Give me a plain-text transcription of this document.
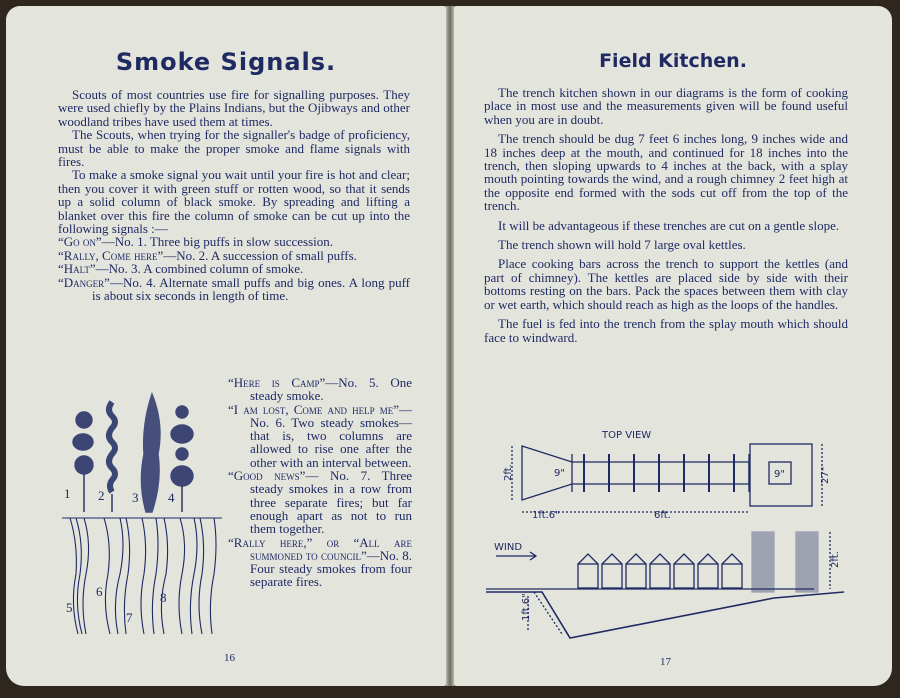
Smoke Signals.

Scouts of most countries use fire for signalling purposes. They were used chiefly by the Plains Indians, but the Ojibways and other woodland tribes have used them at times.

The Scouts, when trying for the signaller's badge of proficiency, must be able to make the proper smoke and flame signals with fires.

To make a smoke signal you wait until your fire is hot and clear; then you cover it with green stuff or rotten wood, so that it sends up a solid column of black smoke. By spreading and lifting a blanket over this fire the column of smoke can be cut up into the following signals :—

“Go on”—No. 1. Three big puffs in slow succession.

“Rally, Come here”—No. 2. A succession of small puffs.

“Halt”—No. 3. A combined column of smoke.

“Danger”—No. 4. Alternate small puffs and big ones. A long puff is about six seconds in length of time.

“Here is Camp”—No. 5. One steady smoke.

“I am lost, Come and help me”—No. 6. Two steady smokes—that is, two columns are allowed to rise one after the other with an interval between.

“Good news”— No. 7. Three steady smokes in a row from three separate fires; but far enough apart as not to run them together.

“Rally here,” or “All are summoned to council”—No. 8. Four steady smokes from four separate fires.

1 2 3 4
5
6
7
8
16
Field Kitchen.

The trench kitchen shown in our diagrams is the form of cooking place in most use and the measurements given will be found useful when you are in doubt.

The trench should be dug 7 feet 6 inches long, 9 inches wide and 18 inches deep at the mouth, and continued for 18 inches into the trench, then sloping upwards to 4 inches at the back, with a splay mouth pointing towards the wind, and a rough chimney 2 feet high at the opposite end formed with the sods cut off from the top of the trench.

It will be advantageous if these trenches are cut on a gentle slope.

The trench shown will hold 7 large oval kettles.

Place cooking bars across the trench to support the kettles (and part of chimney). The kettles are placed side by side with their bottoms resting on the bars. Pack the spaces between them with clay or wet earth, which should reach as high as the loops of the handles.

The fuel is fed into the trench from the splay mouth which should face to windward.

TOP VIEW
2ft.	9"	9"	27"
1ft.6"	6ft.
WIND
1ft.6"
2ft.
17
